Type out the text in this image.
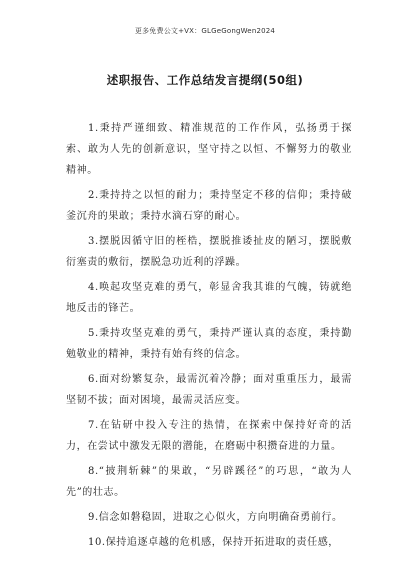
更多免费公文+VX：GLGeGongWen2024
述职报告、工作总结发言提纲(50组)

1.秉持严谨细致、精准规范的工作作风，弘扬勇于探索、敢为人先的创新意识，坚守持之以恒、不懈努力的敬业精神。

2.秉持持之以恒的耐力；秉持坚定不移的信仰；秉持破釜沉舟的果敢；秉持水滴石穿的耐心。

3.摆脱因循守旧的桎梏，摆脱推诿扯皮的陋习，摆脱敷衍塞责的敷衍，摆脱急功近利的浮躁。

4.唤起攻坚克难的勇气，彰显舍我其谁的气魄，铸就绝地反击的锋芒。

5.秉持攻坚克难的勇气，秉持严谨认真的态度，秉持勤勉敬业的精神，秉持有始有终的信念。

6.面对纷繁复杂，最需沉着冷静；面对重重压力，最需坚韧不拔；面对困境，最需灵活应变。

7.在钻研中投入专注的热情，在探索中保持好奇的活力，在尝试中激发无限的潜能，在磨砺中积攒奋进的力量。

8.“披荆斩棘”的果敢，“另辟蹊径”的巧思，“敢为人先”的壮志。

9.信念如磐稳固，进取之心似火，方向明确奋勇前行。

10.保持追逐卓越的危机感，保持开拓进取的责任感，
